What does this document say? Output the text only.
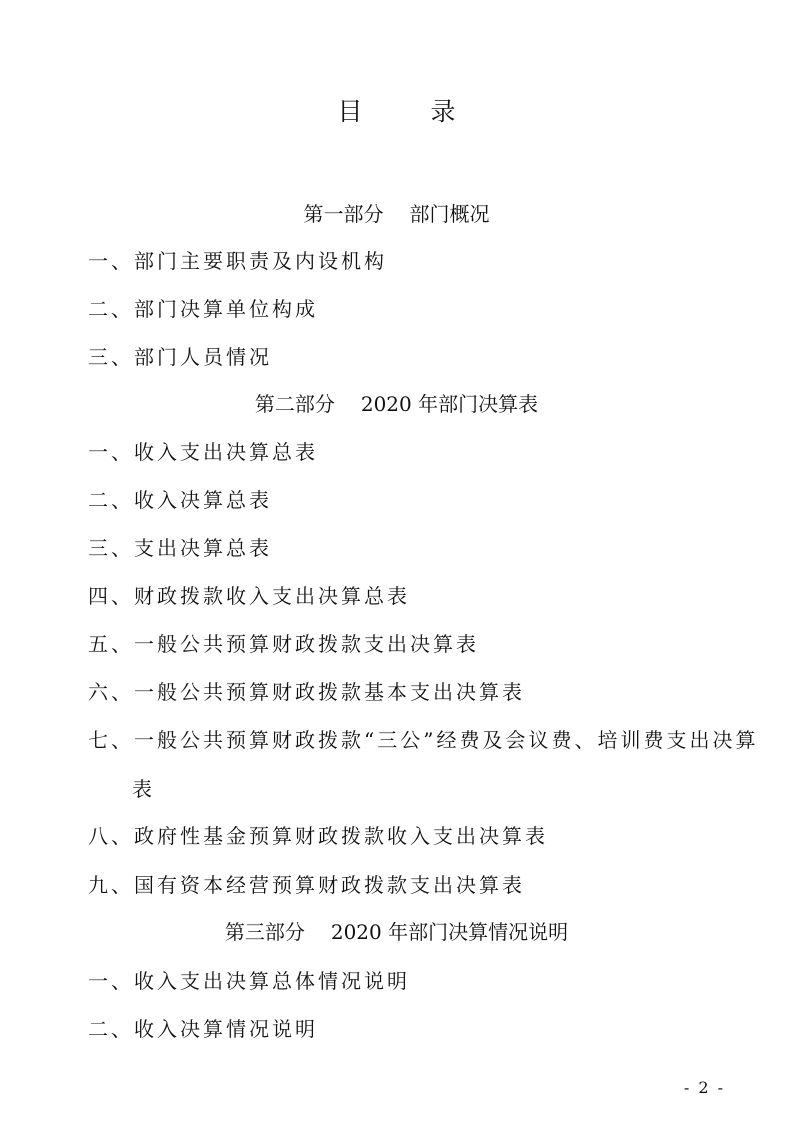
目 录
第一部分 部门概况
一、部门主要职责及内设机构
二、部门决算单位构成
三、部门人员情况
第二部分 2020 年部门决算表
一、收入支出决算总表
二、收入决算总表
三、支出决算总表
四、财政拨款收入支出决算总表
五、一般公共预算财政拨款支出决算表
六、一般公共预算财政拨款基本支出决算表
七、一般公共预算财政拨款“三公”经费及会议费、培训费支出决算
表
八、政府性基金预算财政拨款收入支出决算表
九、国有资本经营预算财政拨款支出决算表
第三部分 2020 年部门决算情况说明
一、收入支出决算总体情况说明
二、收入决算情况说明
- 2 -
